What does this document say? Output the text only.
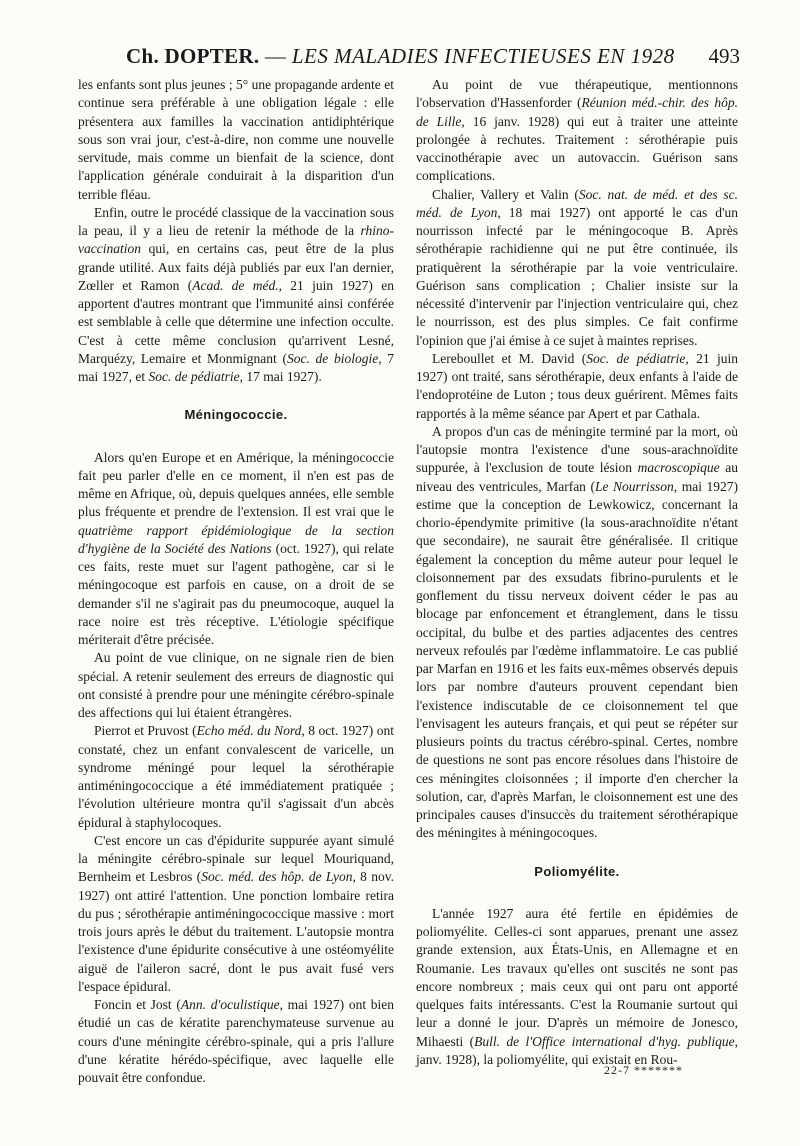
Ch. DOPTER. — LES MALADIES INFECTIEUSES EN 1928 493

les enfants sont plus jeunes ; 5° une propagande ardente et continue sera préférable à une obligation légale : elle présentera aux familles la vaccination antidiphtérique sous son vrai jour, c'est-à-dire, non comme une nouvelle servitude, mais comme un bienfait de la science, dont l'application générale conduirait à la disparition d'un terrible fléau.

Enfin, outre le procédé classique de la vaccination sous la peau, il y a lieu de retenir la méthode de la rhino-vaccination qui, en certains cas, peut être de la plus grande utilité. Aux faits déjà publiés par eux l'an dernier, Zœller et Ramon (Acad. de méd., 21 juin 1927) en apportent d'autres montrant que l'immunité ainsi conférée est semblable à celle que détermine une infection occulte. C'est à cette même conclusion qu'arrivent Lesné, Marquézy, Lemaire et Monmignant (Soc. de biologie, 7 mai 1927, et Soc. de pédiatrie, 17 mai 1927).

Méningococcie.

Alors qu'en Europe et en Amérique, la méningococcie fait peu parler d'elle en ce moment, il n'en est pas de même en Afrique, où, depuis quelques années, elle semble plus fréquente et prendre de l'extension. Il est vrai que le quatrième rapport épidémiologique de la section d'hygiène de la Société des Nations (oct. 1927), qui relate ces faits, reste muet sur l'agent pathogène, car si le méningocoque est parfois en cause, on a droit de se demander s'il ne s'agirait pas du pneumocoque, auquel la race noire est très réceptive. L'étiologie spécifique mériterait d'être précisée.

Au point de vue clinique, on ne signale rien de bien spécial. A retenir seulement des erreurs de diagnostic qui ont consisté à prendre pour une méningite cérébro-spinale des affections qui lui étaient étrangères.

Pierrot et Pruvost (Echo méd. du Nord, 8 oct. 1927) ont constaté, chez un enfant convalescent de varicelle, un syndrome méningé pour lequel la sérothérapie antiméningococcique a été immédiatement pratiquée ; l'évolution ultérieure montra qu'il s'agissait d'un abcès épidural à staphylocoques.

C'est encore un cas d'épidurite suppurée ayant simulé la méningite cérébro-spinale sur lequel Mouriquand, Bernheim et Lesbros (Soc. méd. des hôp. de Lyon, 8 nov. 1927) ont attiré l'attention. Une ponction lombaire retira du pus ; sérothérapie antiméningococcique massive : mort trois jours après le début du traitement. L'autopsie montra l'existence d'une épidurite consécutive à une ostéomyélite aiguë de l'aileron sacré, dont le pus avait fusé vers l'espace épidural.

Foncin et Jost (Ann. d'oculistique, mai 1927) ont bien étudié un cas de kératite parenchymateuse survenue au cours d'une méningite cérébro-spinale, qui a pris l'allure d'une kératite hérédo-spécifique, avec laquelle elle pouvait être confondue.

Au point de vue thérapeutique, mentionnons l'observation d'Hassenforder (Réunion méd.-chir. des hôp. de Lille, 16 janv. 1928) qui eut à traiter une atteinte prolongée à rechutes. Traitement : sérothérapie puis vaccinothérapie avec un autovaccin. Guérison sans complications.

Chalier, Vallery et Valin (Soc. nat. de méd. et des sc. méd. de Lyon, 18 mai 1927) ont apporté le cas d'un nourrisson infecté par le méningocoque B. Après sérothérapie rachidienne qui ne put être continuée, ils pratiquèrent la sérothérapie par la voie ventriculaire. Guérison sans complication ; Chalier insiste sur la nécessité d'intervenir par l'injection ventriculaire qui, chez le nourrisson, est des plus simples. Ce fait confirme l'opinion que j'ai émise à ce sujet à maintes reprises.

Lereboullet et M. David (Soc. de pédiatrie, 21 juin 1927) ont traité, sans sérothérapie, deux enfants à l'aide de l'endoprotéine de Luton ; tous deux guérirent. Mêmes faits rapportés à la même séance par Apert et par Cathala.

A propos d'un cas de méningite terminé par la mort, où l'autopsie montra l'existence d'une sous-arachnoïdite suppurée, à l'exclusion de toute lésion macroscopique au niveau des ventricules, Marfan (Le Nourrisson, mai 1927) estime que la conception de Lewkowicz, concernant la chorio-épendymite primitive (la sous-arachnoïdite n'étant que secondaire), ne saurait être généralisée. Il critique également la conception du même auteur pour lequel le cloisonnement par des exsudats fibrino-purulents et le gonflement du tissu nerveux doivent céder le pas au blocage par enfoncement et étranglement, dans le tissu occipital, du bulbe et des parties adjacentes des centres nerveux refoulés par l'œdème inflammatoire. Le cas publié par Marfan en 1916 et les faits eux-mêmes observés depuis lors par nombre d'auteurs prouvent cependant bien l'existence indiscutable de ce cloisonnement tel que l'envisagent les auteurs français, et qui peut se répéter sur plusieurs points du tractus cérébro-spinal. Certes, nombre de questions ne sont pas encore résolues dans l'histoire de ces méningites cloisonnées ; il importe d'en chercher la solution, car, d'après Marfan, le cloisonnement est une des principales causes d'insuccès du traitement sérothérapique des méningites à méningocoques.

Poliomyélite.

L'année 1927 aura été fertile en épidémies de poliomyélite. Celles-ci sont apparues, prenant une assez grande extension, aux États-Unis, en Allemagne et en Roumanie. Les travaux qu'elles ont suscités ne sont pas encore nombreux ; mais ceux qui ont paru ont apporté quelques faits intéressants. C'est la Roumanie surtout qui leur a donné le jour. D'après un mémoire de Jonesco, Mihaesti (Bull. de l'Office international d'hyg. publique, janv. 1928), la poliomyélite, qui existait en Rou-

22-7 *******
